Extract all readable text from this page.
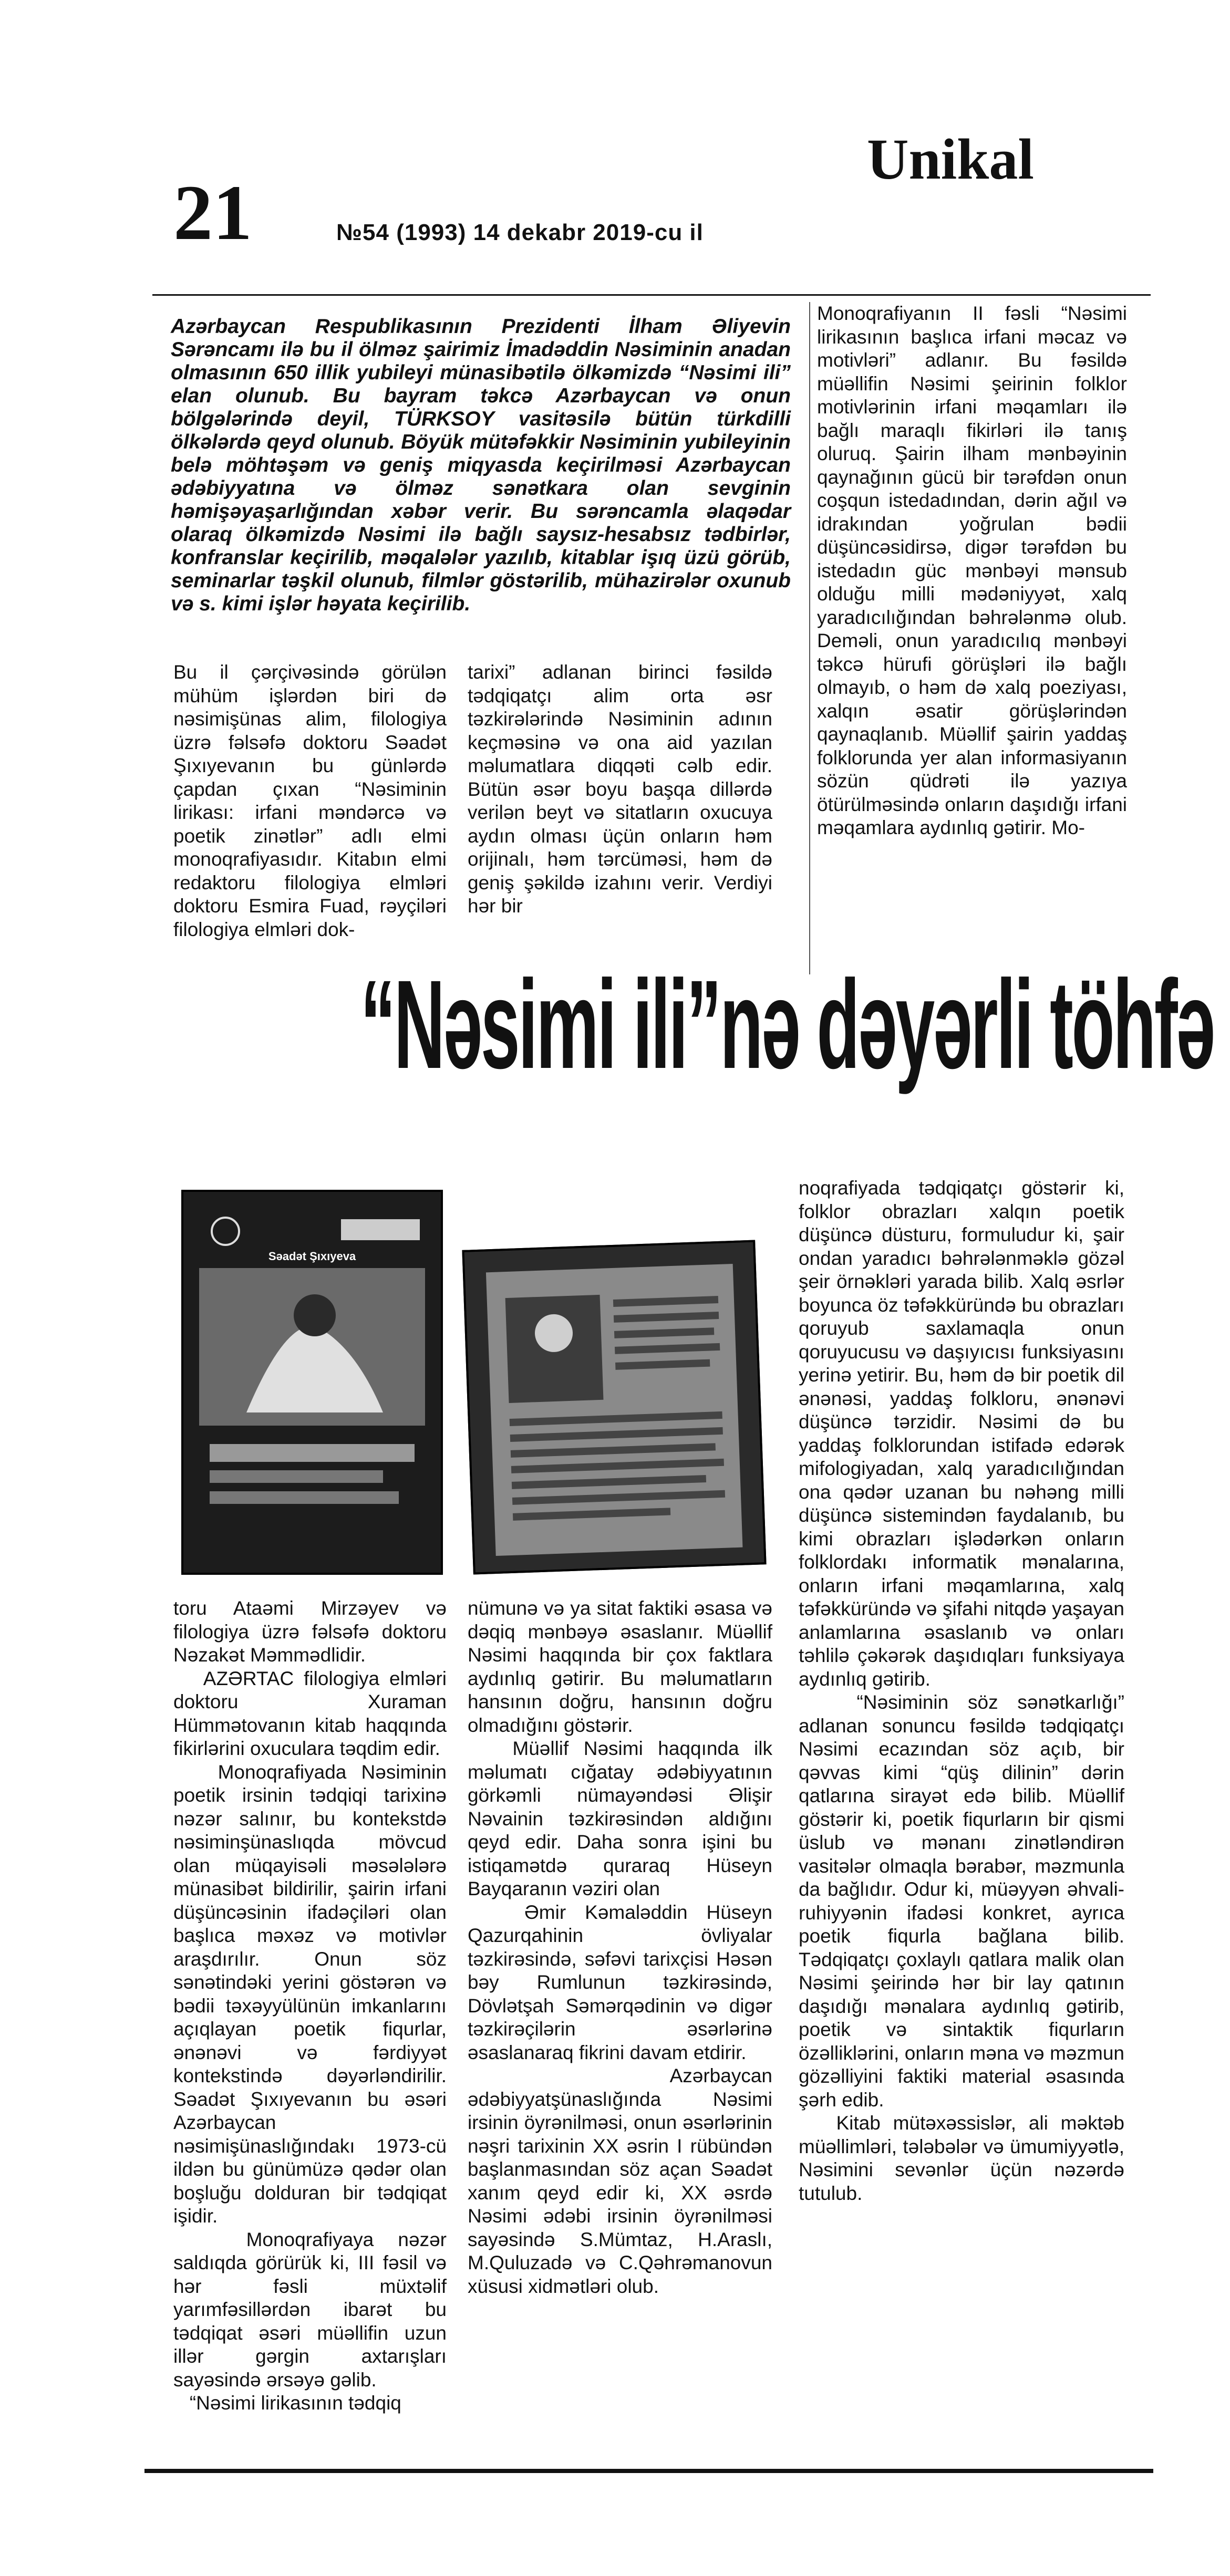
21	№54 (1993) 14 dekabr 2019-cu il
Unikal
Azərbaycan Respublikasının Prezidenti İlham Əliyevin Sərəncamı ilə bu il ölməz şairimiz İmadəddin Nəsiminin anadan olmasının 650 illik yubileyi münasibətilə ölkəmizdə “Nəsimi ili” elan olunub. Bu bayram təkcə Azərbaycan və onun bölgələrində deyil, TÜRKSOY vasitəsilə bütün türkdilli ölkələrdə qeyd olunub. Böyük mütəfəkkir Nəsiminin yubileyinin belə möhtəşəm və geniş miqyasda keçirilməsi Azərbaycan ədəbiyyatına və ölməz sənətkara olan sevginin həmişəyaşarlığından xəbər verir. Bu sərəncamla əlaqədar olaraq ölkəmizdə Nəsimi ilə bağlı saysız-hesabsız tədbirlər, konfranslar keçirilib, məqalələr yazılıb, kitablar işıq üzü görüb, seminarlar təşkil olunub, filmlər göstərilib, mühazirələr oxunub və s. kimi işlər həyata keçirilib.
Bu il çərçivəsində görülən mühüm işlərdən biri də nəsimişünas alim, filologiya üzrə fəlsəfə doktoru Səadət Şıxıyevanın bu günlərdə çapdan çıxan “Nəsiminin lirikası: irfani məndərcə və poetik zinətlər” adlı elmi monoqrafiyasıdır. Kitabın elmi redaktoru filologiya elmləri doktoru Esmira Fuad, rəyçiləri filologiya elmləri dok-
tarixi” adlanan birinci fəsildə tədqiqatçı alim orta əsr təzkirələrində Nəsiminin adının keçməsinə və ona aid yazılan məlumatlara diqqəti cəlb edir. Bütün əsər boyu başqa dillərdə verilən beyt və sitatların oxucuya aydın olması üçün onların həm orijinalı, həm tərcüməsi, həm də geniş şəkildə izahını verir. Verdiyi hər bir
Monoqrafiyanın II fəsli “Nəsimi lirikasının başlıca irfani məcaz və motivləri” adlanır. Bu fəsildə müəllifin Nəsimi şeirinin folklor motivlərinin irfani məqamları ilə bağlı maraqlı fikirləri ilə tanış oluruq. Şairin ilham mənbəyinin qaynağının gücü bir tərəfdən onun coşqun istedadından, dərin ağıl və idrakından yoğrulan bədii düşüncəsidirsə, digər tərəfdən bu istedadın güc mənbəyi mənsub olduğu milli mədəniyyət, xalq yaradıcılığından bəhrələnmə olub. Deməli, onun yaradıcılıq mənbəyi təkcə hürufi görüşləri ilə bağlı olmayıb, o həm də xalq poeziyası, xalqın əsatir görüşlərindən qaynaqlanıb. Müəllif şairin yaddaş folklorunda yer alan informasiyanın sözün qüdrəti ilə yazıya ötürülməsində onların daşıdığı irfani məqamlara aydınlıq gətirir. Mo-
“Nəsimi ili”nə dəyərli töhfə
Səadət Şıxıyeva
toru Ataəmi Mirzəyev və filologiya üzrə fəlsəfə doktoru Nəzakət Məmmədlidir.
AZƏRTAC filologiya elmləri doktoru Xuraman Hümmətovanın kitab haqqında fikirlərini oxuculara təqdim edir.
Monoqrafiyada Nəsiminin poetik irsinin tədqiqi tarixinə nəzər salınır, bu kontekstdə nəsiminşünaslıqda mövcud olan müqayisəli məsələlərə münasibət bildirilir, şairin irfani düşüncəsinin ifadəçiləri olan başlıca məxəz və motivlər araşdırılır. Onun söz sənətindəki yerini göstərən və bədii təxəyyülünün imkanlarını açıqlayan poetik fiqurlar, ənənəvi və fərdiyyət kontekstində dəyərləndirilir. Səadət Şıxıyevanın bu əsəri Azərbaycan nəsimişünaslığındakı 1973-cü ildən bu günümüzə qədər olan boşluğu dolduran bir tədqiqat işidir.
Monoqrafiyaya nəzər saldıqda görürük ki, III fəsil və hər fəsli müxtəlif yarımfəsillərdən ibarət bu tədqiqat əsəri müəllifin uzun illər gərgin axtarışları sayəsində ərsəyə gəlib.
“Nəsimi lirikasının tədqiq
nümunə və ya sitat faktiki əsasa və dəqiq mənbəyə əsaslanır. Müəllif Nəsimi haqqında bir çox faktlara aydınlıq gətirir. Bu məlumatların hansının doğru, hansının doğru olmadığını göstərir.
Müəllif Nəsimi haqqında ilk məlumatı cığatay ədəbiyyatının görkəmli nümayəndəsi Əlişir Nəvainin təzkirəsindən aldığını qeyd edir. Daha sonra işini bu istiqamətdə quraraq Hüseyn Bayqaranın vəziri olan
Əmir Kəmaləddin Hüseyn Qazurqahinin övliyalar təzkirəsində, səfəvi tarixçisi Həsən bəy Rumlunun təzkirəsində, Dövlətşah Səmərqədinin və digər təzkirəçilərin əsərlərinə əsaslanaraq fikrini davam etdirir.
Azərbaycan ədəbiyyatşünaslığında Nəsimi irsinin öyrənilməsi, onun əsərlərinin nəşri tarixinin XX əsrin I rübündən başlanmasından söz açan Səadət xanım qeyd edir ki, XX əsrdə Nəsimi ədəbi irsinin öyrənilməsi sayəsində S.Mümtaz, H.Araslı, M.Quluzadə və C.Qəhrəmanovun xüsusi xidmətləri olub.
noqrafiyada tədqiqatçı göstərir ki, folklor obrazları xalqın poetik düşüncə düsturu, formuludur ki, şair ondan yaradıcı bəhrələnməklə gözəl şeir örnəkləri yarada bilib. Xalq əsrlər boyunca öz təfəkküründə bu obrazları qoruyub saxlamaqla onun qoruyucusu və daşıyıcısı funksiyasını yerinə yetirir. Bu, həm də bir poetik dil ənənəsi, yaddaş folkloru, ənənəvi düşüncə tərzidir. Nəsimi də bu yaddaş folklorundan istifadə edərək mifologiyadan, xalq yaradıcılığından ona qədər uzanan bu nəhəng milli düşüncə sistemindən faydalanıb, bu kimi obrazları işlədərkən onların folklordakı informatik mənalarına, onların irfani məqamlarına, xalq təfəkküründə və şifahi nitqdə yaşayan anlamlarına əsaslanıb və onları təhlilə çəkərək daşıdıqları funksiyaya aydınlıq gətirib.
“Nəsiminin söz sənətkarlığı” adlanan sonuncu fəsildə tədqiqatçı Nəsimi ecazından söz açıb, bir qəvvas kimi “qüş dilinin” dərin qatlarına sirayət edə bilib. Müəllif göstərir ki, poetik fiqurların bir qismi üslub və mənanı zinətləndirən vasitələr olmaqla bərabər, məzmunla da bağlıdır. Odur ki, müəyyən əhvali-ruhiyyənin ifadəsi konkret, ayrıca poetik fiqurla bağlana bilib. Tədqiqatçı çoxlaylı qatlara malik olan Nəsimi şeirində hər bir lay qatının daşıdığı mənalara aydınlıq gətirib, poetik və sintaktik fiqurların özəlliklərini, onların məna və məzmun gözəlliyini faktiki material əsasında şərh edib.
Kitab mütəxəssislər, ali məktəb müəllimləri, tələbələr və ümumiyyətlə, Nəsimini sevənlər üçün nəzərdə tutulub.
